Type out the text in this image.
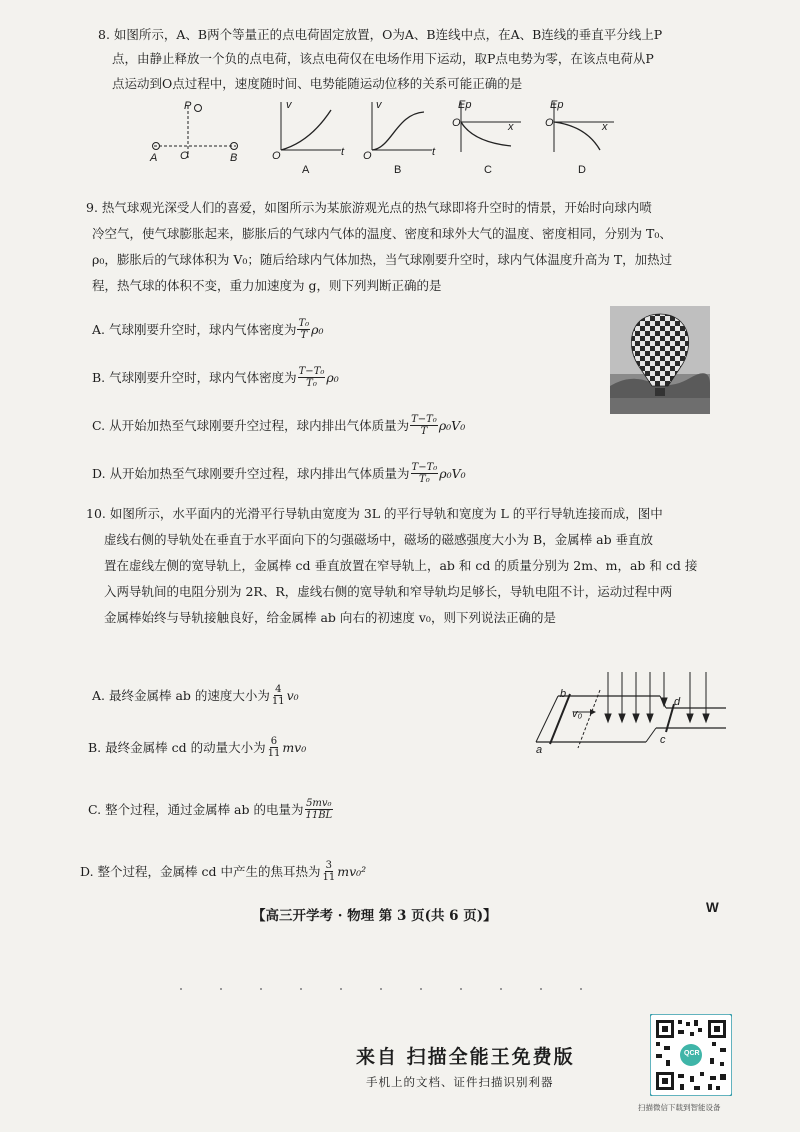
8. 如图所示，A、B两个等量正的点电荷固定放置，O为A、B连线中点，在A、B连线的垂直平分线上P
点，由静止释放一个负的点电荷，该点电荷仅在电场作用下运动，取P点电势为零，在该点电荷从P
点运动到O点过程中，速度随时间、电势能随运动位移的关系可能正确的是
P
O
A	B
v
t
O
A
v
t
O
B
Ep
x
O
C
Ep
x
O
D
9. 热气球观光深受人们的喜爱，如图所示为某旅游观光点的热气球即将升空时的情景，开始时向球内喷
冷空气，使气球膨胀起来，膨胀后的气球内气体的温度、密度和球外大气的温度、密度相同，分别为 T₀、
ρ₀，膨胀后的气球体积为 V₀；随后给球内气体加热，当气球刚要升空时，球内气体温度升高为 T，加热过
程，热气球的体积不变，重力加速度为 g，则下列判断正确的是
A. 气球刚要升空时，球内气体密度为 $\frac{\text{T₀}}{T} \rho_0$
B. 气球刚要升空时，球内气体密度为 $\frac{\text{T−T₀}}{\text{T₀}} \rho_0$
C. 从开始加热至气球刚要升空过程，球内排出气体质量为 $\frac{\text{T−T₀}}{T} \rho_0V_0$
D. 从开始加热至气球刚要升空过程，球内排出气体质量为 $\frac{\text{T−T₀}}{\text{T₀}} \rho_0V_0$
10. 如图所示，水平面内的光滑平行导轨由宽度为 3L 的平行导轨和宽度为 L 的平行导轨连接而成，图中
虚线右侧的导轨处在垂直于水平面向下的匀强磁场中，磁场的磁感强度大小为 B，金属棒 ab 垂直放
置在虚线左侧的宽导轨上，金属棒 cd 垂直放置在窄导轨上，ab 和 cd 的质量分别为 2m、m，ab 和 cd 接
入两导轨间的电阻分别为 2R、R，虚线右侧的宽导轨和窄导轨均足够长，导轨电阻不计，运动过程中两
金属棒始终与导轨接触良好，给金属棒 ab 向右的初速度 v₀，则下列说法正确的是
b
v₀
a
d
c
A. 最终金属棒 ab 的速度大小为 $\frac{4}{11} v_0$
B. 最终金属棒 cd 的动量大小为 $\frac{6}{11} mv_0$
C. 整个过程，通过金属棒 ab 的电量为 $\frac{\text{5mv₀}}{11BL}$
D. 整个过程，金属棒 cd 中产生的焦耳热为 $\frac{3}{11} mv_0^2$
【高三开学考 · 物理 第 3 页(共 6 页)】
W
来自 扫描全能王免费版
手机上的文档、证件扫描识别利器
QCR
扫描微信下载到智能设备
